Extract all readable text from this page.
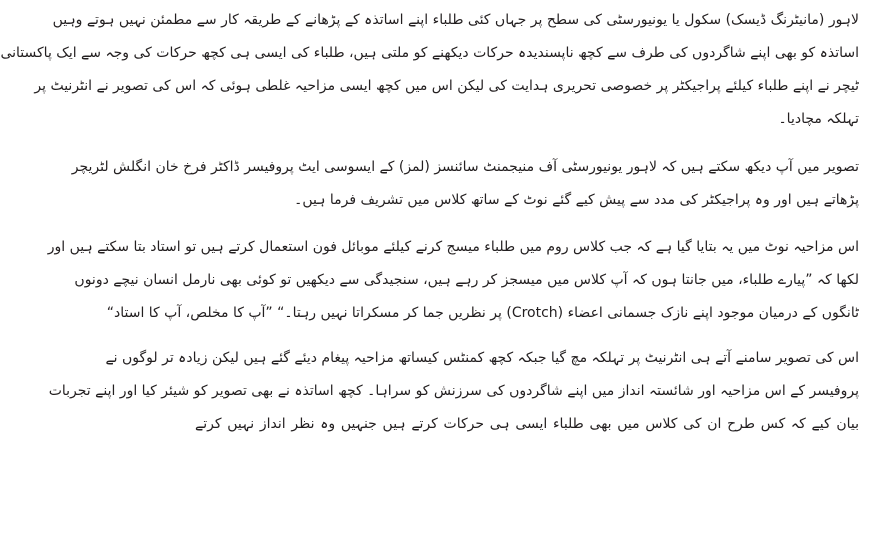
لاہور (مانیٹرنگ ڈیسک) سکول یا یونیورسٹی کی سطح پر جہاں کئی طلباء اپنے اساتذہ کے پڑھانے کے طریقہ کار سے مطمئن نہیں ہوتے وہیں
اساتذہ کو بھی اپنے شاگردوں کی طرف سے کچھ ناپسندیدہ حرکات دیکھنے کو ملتی ہیں، طلباء کی ایسی ہی کچھ حرکات کی وجہ سے ایک پاکستانی
ٹیچر نے اپنے طلباء کیلئے پراجیکٹر پر خصوصی تحریری ہدایت کی لیکن اس میں کچھ ایسی مزاحیہ غلطی ہوئی کہ اس کی تصویر نے انٹرنیٹ پر
تہلکہ مچادیا۔

تصویر میں آپ دیکھ سکتے ہیں کہ لاہور یونیورسٹی آف منیجمنٹ سائنسز (لمز) کے ایسوسی ایٹ پروفیسر ڈاکٹر فرخ خان انگلش لٹریچر
پڑھاتے ہیں اور وہ پراجیکٹر کی مدد سے پیش کیے گئے نوٹ کے ساتھ کلاس میں تشریف فرما ہیں۔

اس مزاحیہ نوٹ میں یہ بتایا گیا ہے کہ جب کلاس روم میں طلباء میسج کرنے کیلئے موبائل فون استعمال کرتے ہیں تو استاد بتا سکتے ہیں اور
لکھا کہ ”پیارے طلباء، میں جانتا ہوں کہ آپ کلاس میں میسجز کر رہے ہیں، سنجیدگی سے دیکھیں تو کوئی بھی نارمل انسان نیچے دونوں
ٹانگوں کے درمیان موجود اپنے نازک جسمانی اعضاء (Crotch) پر نظریں جما کر مسکراتا نہیں رہتا۔“ ”آپ کا مخلص، آپ کا استاد“

اس کی تصویر سامنے آتے ہی انٹرنیٹ پر تہلکہ مچ گیا جبکہ کچھ کمنٹس کیساتھ مزاحیہ پیغام دیئے گئے ہیں لیکن زیادہ تر لوگوں نے
پروفیسر کے اس مزاحیہ اور شائستہ انداز میں اپنے شاگردوں کی سرزنش کو سراہا۔ کچھ اساتذہ نے بھی تصویر کو شیئر کیا اور اپنے تجربات
بیان کیے کہ کس طرح ان کی کلاس میں بھی طلباء ایسی ہی حرکات کرتے ہیں جنہیں وہ نظر انداز نہیں کرتے
